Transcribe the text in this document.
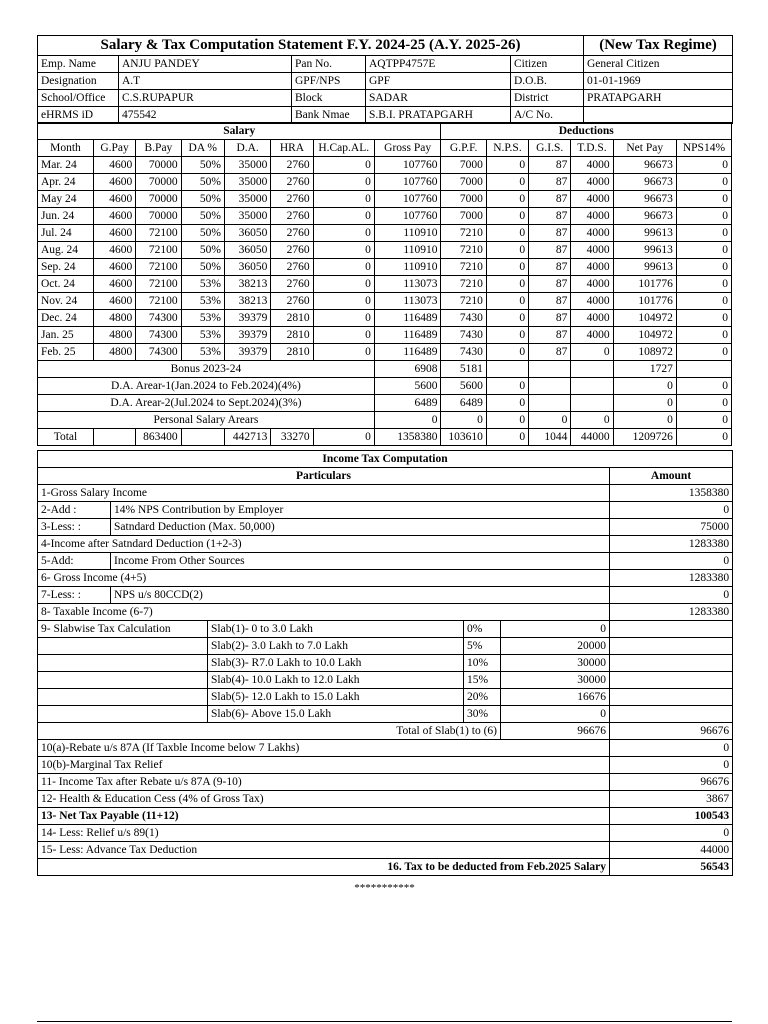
Salary & Tax Computation Statement F.Y. 2024-25 (A.Y. 2025-26)					(New Tax Regime)
Emp. Name	ANJU PANDEY	Pan No.	AQTPP4757E	Citizen	General Citizen
Designation	A.T	GPF/NPS	GPF	D.O.B.	01-01-1969
School/Office	C.S.RUPAPUR	Block	SADAR	District	PRATAPGARH
eHRMS iD	475542	Bank Nmae	S.B.I. PRATAPGARH	A/C No.	
Salary								Deductions					
Month	G.Pay	B.Pay	DA %	D.A.	HRA	H.Cap.AL.	Gross Pay	G.P.F.	N.P.S.	G.I.S.	T.D.S.	Net Pay	NPS14%
Mar. 24	4600	70000	50%	35000	2760	0	107760	7000	0	87	4000	96673	0
Apr. 24	4600	70000	50%	35000	2760	0	107760	7000	0	87	4000	96673	0
May 24	4600	70000	50%	35000	2760	0	107760	7000	0	87	4000	96673	0
Jun. 24	4600	70000	50%	35000	2760	0	107760	7000	0	87	4000	96673	0
Jul. 24	4600	72100	50%	36050	2760	0	110910	7210	0	87	4000	99613	0
Aug. 24	4600	72100	50%	36050	2760	0	110910	7210	0	87	4000	99613	0
Sep. 24	4600	72100	50%	36050	2760	0	110910	7210	0	87	4000	99613	0
Oct. 24	4600	72100	53%	38213	2760	0	113073	7210	0	87	4000	101776	0
Nov. 24	4600	72100	53%	38213	2760	0	113073	7210	0	87	4000	101776	0
Dec. 24	4800	74300	53%	39379	2810	0	116489	7430	0	87	4000	104972	0
Jan. 25	4800	74300	53%	39379	2810	0	116489	7430	0	87	4000	104972	0
Feb. 25	4800	74300	53%	39379	2810	0	116489	7430	0	87	0	108972	0
Bonus 2023-24							6908	5181				1727	
D.A. Arear-1(Jan.2024 to Feb.2024)(4%)							5600	5600	0			0	0
D.A. Arear-2(Jul.2024 to Sept.2024)(3%)							6489	6489	0			0	0
Personal Salary Arears							0	0	0	0	0	0	0
Total		863400		442713	33270	0	1358380	103610	0	1044	44000	1209726	0
Income Tax Computation					
Particulars					Amount
1-Gross Salary Income					1358380
2-Add :	14% NPS Contribution by Employer				0
3-Less: :	Satndard Deduction (Max. 50,000)				75000
4-Income after Satndard Deduction (1+2-3)					1283380
5-Add:	Income From Other Sources				0
6- Gross Income (4+5)					1283380
7-Less: :	NPS u/s 80CCD(2)				0
8- Taxable Income (6-7)					1283380
9- Slabwise Tax Calculation		Slab(1)- 0 to 3.0 Lakh	0%	0	
		Slab(2)- 3.0 Lakh to 7.0 Lakh	5%	20000	
		Slab(3)- R7.0 Lakh to 10.0 Lakh	10%	30000	
		Slab(4)- 10.0 Lakh to 12.0 Lakh	15%	30000	
		Slab(5)- 12.0 Lakh to 15.0 Lakh	20%	16676	
		Slab(6)- Above 15.0 Lakh	30%	0	
Total of Slab(1) to (6)				96676	96676
10(a)-Rebate u/s 87A (If Taxble Income below 7 Lakhs)					0
10(b)-Marginal Tax Relief					0
11- Income Tax after Rebate u/s 87A (9-10)					96676
12- Health & Education Cess (4% of Gross Tax)					3867
13- Net Tax Payable (11+12)					100543
14- Less: Relief u/s 89(1)					0
15- Less: Advance Tax Deduction					44000
16. Tax to be deducted from Feb.2025 Salary					56543
***********
